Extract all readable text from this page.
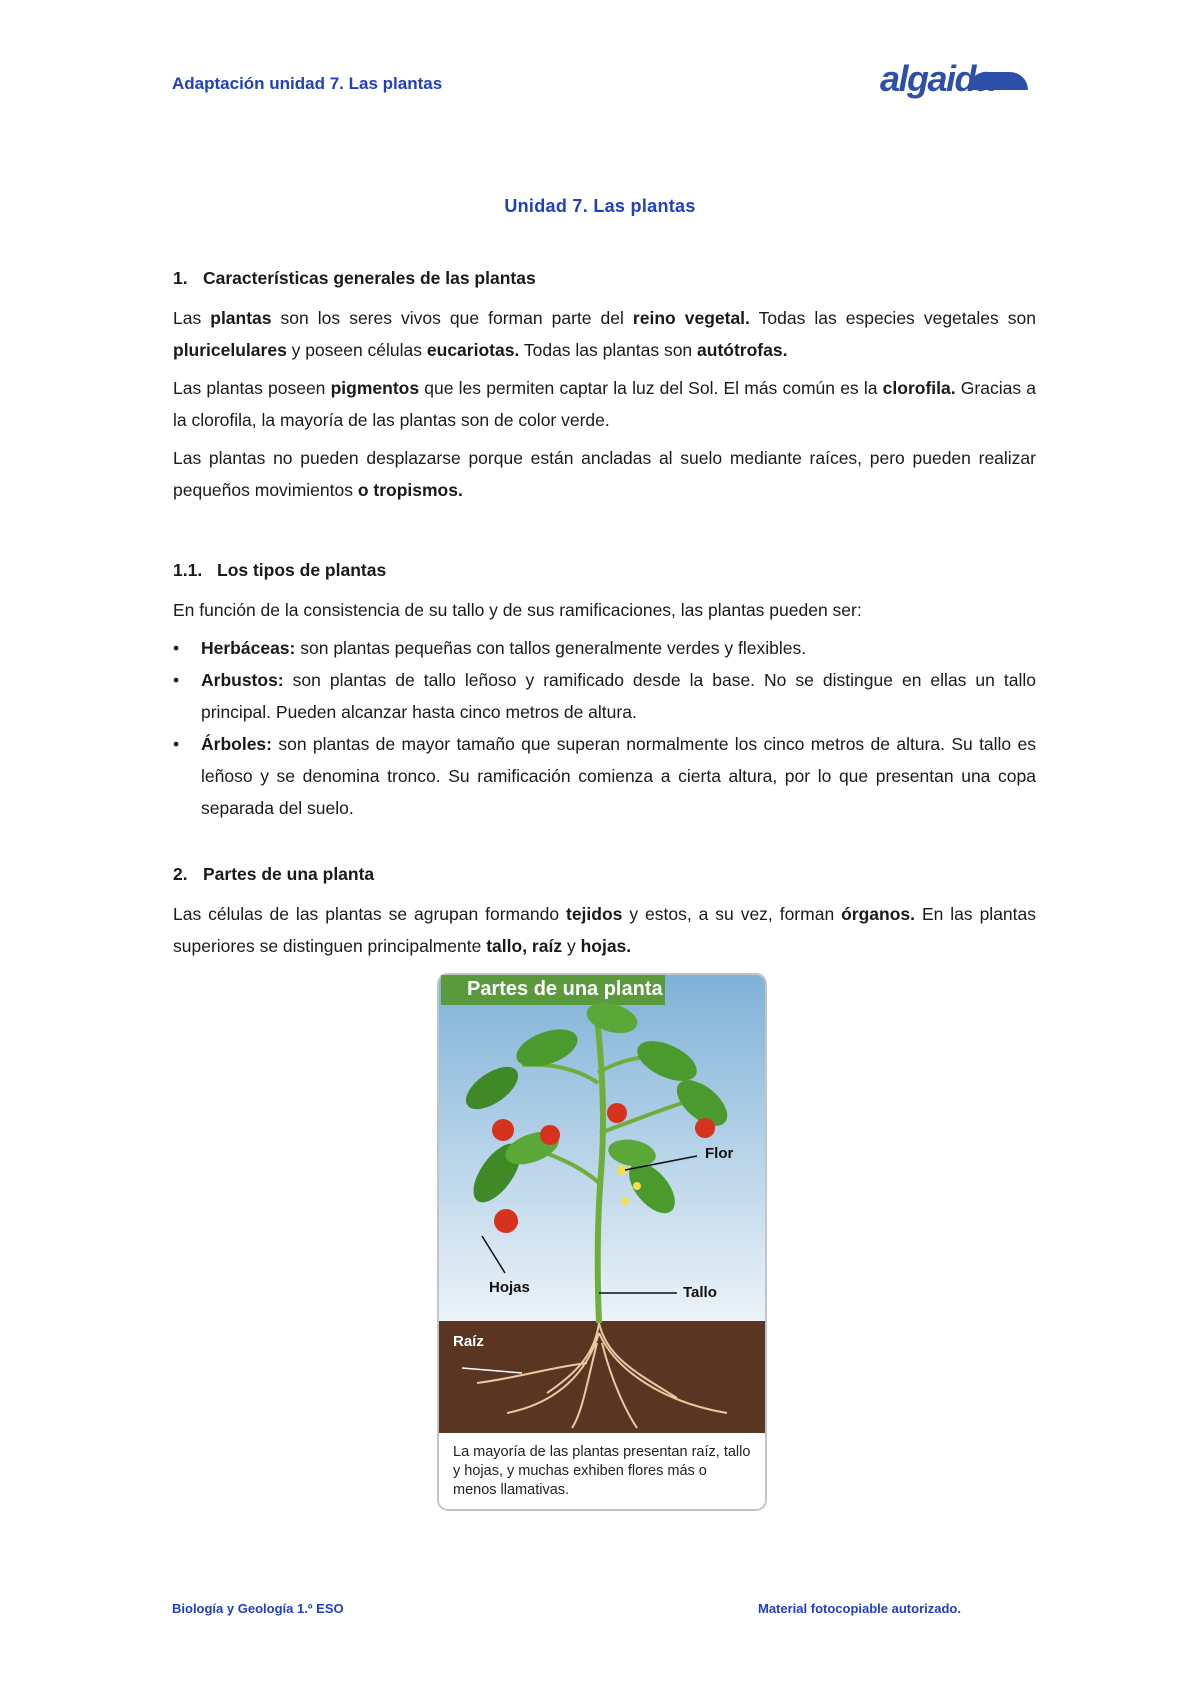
Adaptación unidad 7. Las plantas	algaida
Unidad 7. Las plantas
1. Características generales de las plantas

Las plantas son los seres vivos que forman parte del reino vegetal. Todas las especies vegetales son pluricelulares y poseen células eucariotas. Todas las plantas son autótrofas.

Las plantas poseen pigmentos que les permiten captar la luz del Sol. El más común es la clorofila. Gracias a la clorofila, la mayoría de las plantas son de color verde.

Las plantas no pueden desplazarse porque están ancladas al suelo mediante raíces, pero pueden realizar pequeños movimientos o tropismos.

1.1. Los tipos de plantas

En función de la consistencia de su tallo y de sus ramificaciones, las plantas pueden ser:

•	Herbáceas: son plantas pequeñas con tallos generalmente verdes y flexibles.
•	Arbustos: son plantas de tallo leñoso y ramificado desde la base. No se distingue en ellas un tallo principal. Pueden alcanzar hasta cinco metros de altura.
•	Árboles: son plantas de mayor tamaño que superan normalmente los cinco metros de altura. Su tallo es leñoso y se denomina tronco. Su ramificación comienza a cierta altura, por lo que presentan una copa separada del suelo.
2. Partes de una planta

Las células de las plantas se agrupan formando tejidos y estos, a su vez, forman órganos. En las plantas superiores se distinguen principalmente tallo, raíz y hojas.

Partes de una planta
Flor
Hojas	Tallo
Raíz
La mayoría de las plantas presentan raíz, tallo y hojas, y muchas exhiben flores más o menos llamativas.
Biología y Geología 1.º ESO	Material fotocopiable autorizado.
